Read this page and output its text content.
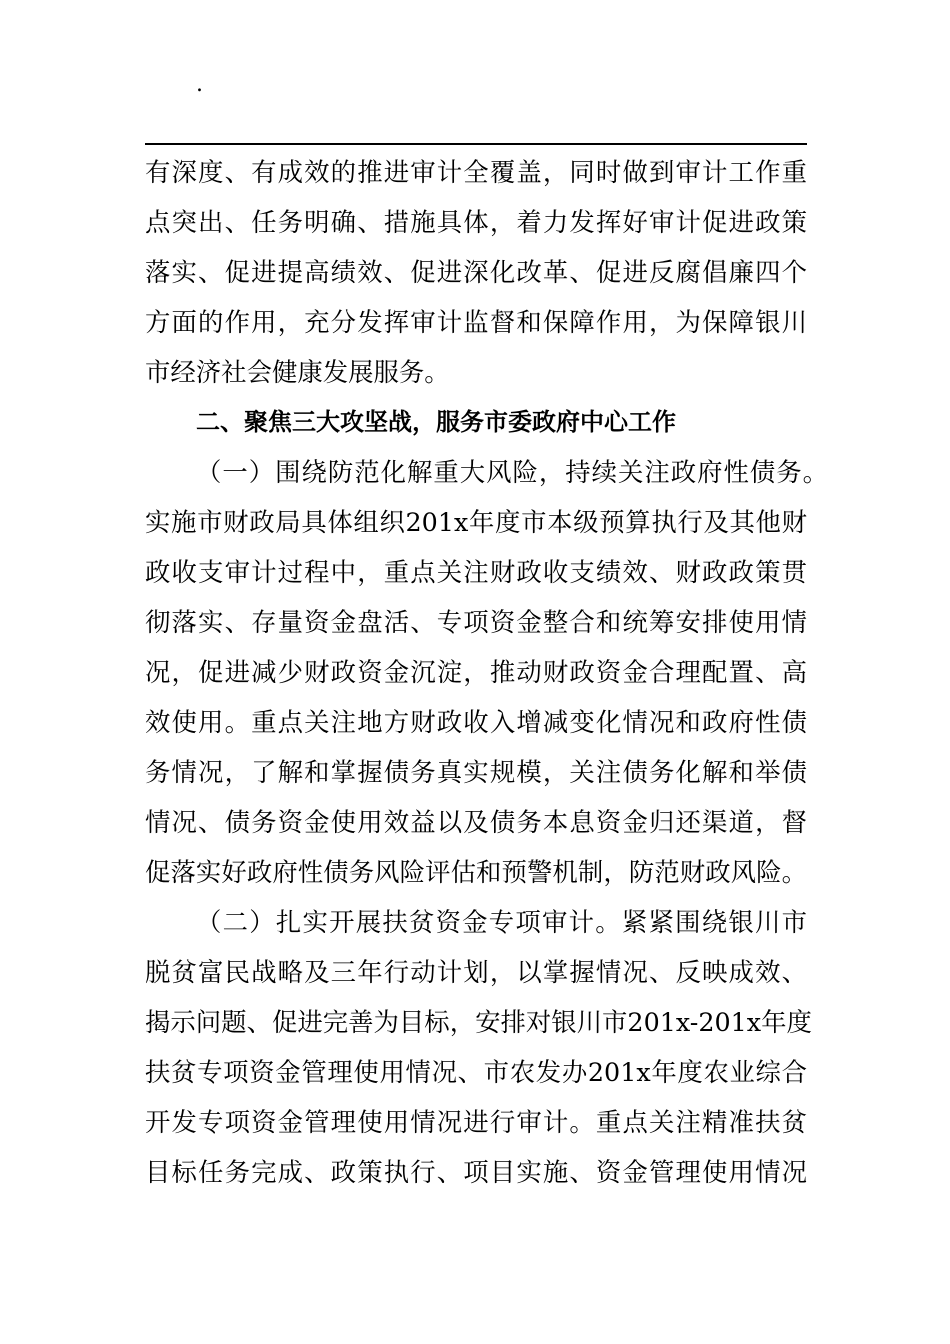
.
有深度、有成效的推进审计全覆盖，同时做到审计工作重
点突出、任务明确、措施具体，着力发挥好审计促进政策
落实、促进提高绩效、促进深化改革、促进反腐倡廉四个
方面的作用，充分发挥审计监督和保障作用，为保障银川
市经济社会健康发展服务。
二、聚焦三大攻坚战，服务市委政府中心工作
（一）围绕防范化解重大风险，持续关注政府性债务。
实施市财政局具体组织201x年度市本级预算执行及其他财
政收支审计过程中，重点关注财政收支绩效、财政政策贯
彻落实、存量资金盘活、专项资金整合和统筹安排使用情
况，促进减少财政资金沉淀，推动财政资金合理配置、高
效使用。重点关注地方财政收入增减变化情况和政府性债
务情况，了解和掌握债务真实规模，关注债务化解和举债
情况、债务资金使用效益以及债务本息资金归还渠道，督
促落实好政府性债务风险评估和预警机制，防范财政风险。
（二）扎实开展扶贫资金专项审计。紧紧围绕银川市
脱贫富民战略及三年行动计划，以掌握情况、反映成效、
揭示问题、促进完善为目标，安排对银川市201x-201x年度
扶贫专项资金管理使用情况、市农发办201x年度农业综合
开发专项资金管理使用情况进行审计。重点关注精准扶贫
目标任务完成、政策执行、项目实施、资金管理使用情况
